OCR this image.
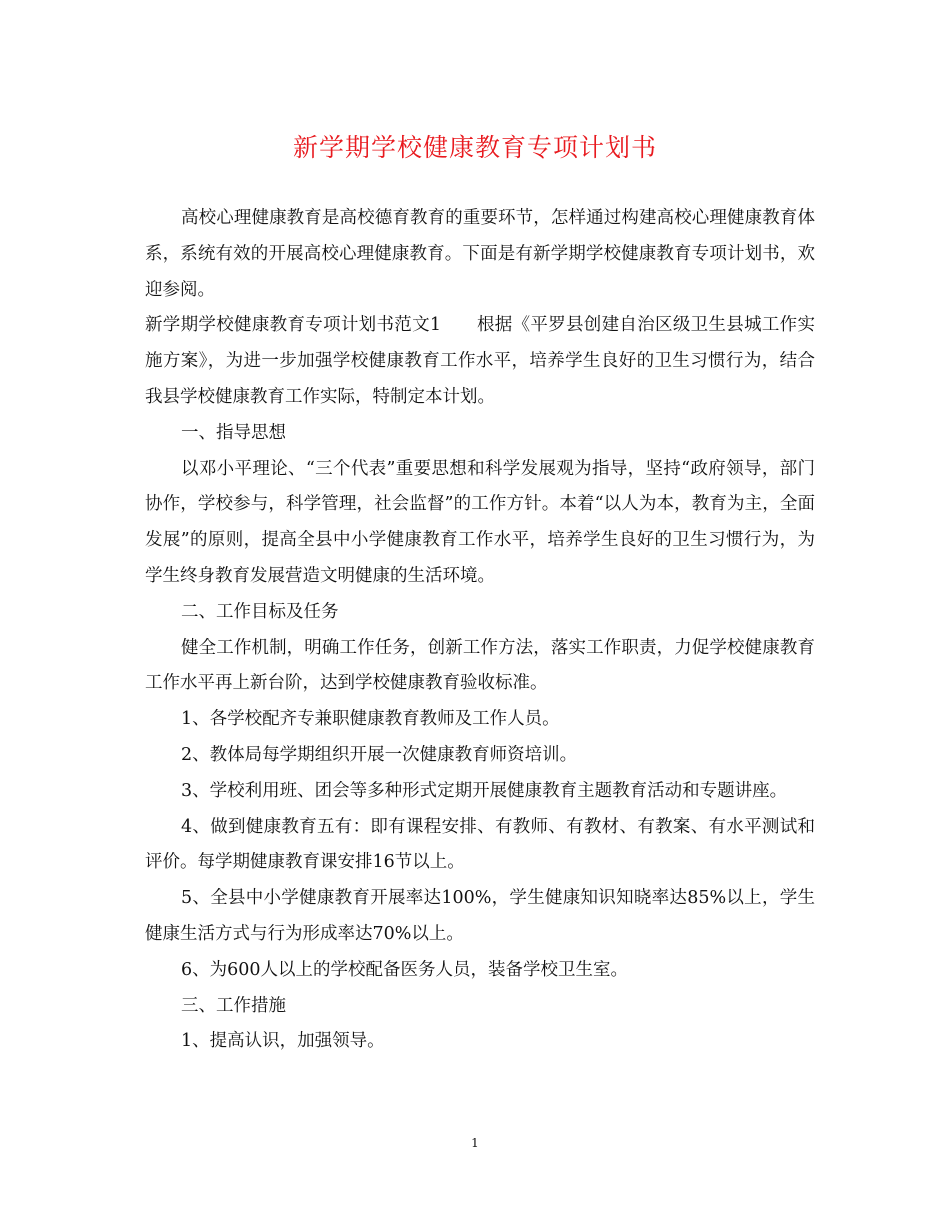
新学期学校健康教育专项计划书

高校心理健康教育是高校德育教育的重要环节，怎样通过构建高校心理健康教育体系，系统有效的开展高校心理健康教育。下面是有新学期学校健康教育专项计划书，欢迎参阅。

新学期学校健康教育专项计划书范文1　　根据《平罗县创建自治区级卫生县城工作实施方案》，为进一步加强学校健康教育工作水平，培养学生良好的卫生习惯行为，结合我县学校健康教育工作实际，特制定本计划。

一、指导思想

以邓小平理论、“三个代表”重要思想和科学发展观为指导，坚持“政府领导，部门协作，学校参与，科学管理，社会监督”的工作方针。本着“以人为本，教育为主，全面发展”的原则，提高全县中小学健康教育工作水平，培养学生良好的卫生习惯行为，为学生终身教育发展营造文明健康的生活环境。

二、工作目标及任务

健全工作机制，明确工作任务，创新工作方法，落实工作职责，力促学校健康教育工作水平再上新台阶，达到学校健康教育验收标准。

1、各学校配齐专兼职健康教育教师及工作人员。

2、教体局每学期组织开展一次健康教育师资培训。

3、学校利用班、团会等多种形式定期开展健康教育主题教育活动和专题讲座。

4、做到健康教育五有：即有课程安排、有教师、有教材、有教案、有水平测试和评价。每学期健康教育课安排16节以上。

5、全县中小学健康教育开展率达100%，学生健康知识知晓率达85%以上，学生健康生活方式与行为形成率达70%以上。

6、为600人以上的学校配备医务人员，装备学校卫生室。

三、工作措施

1、提高认识，加强领导。

1
